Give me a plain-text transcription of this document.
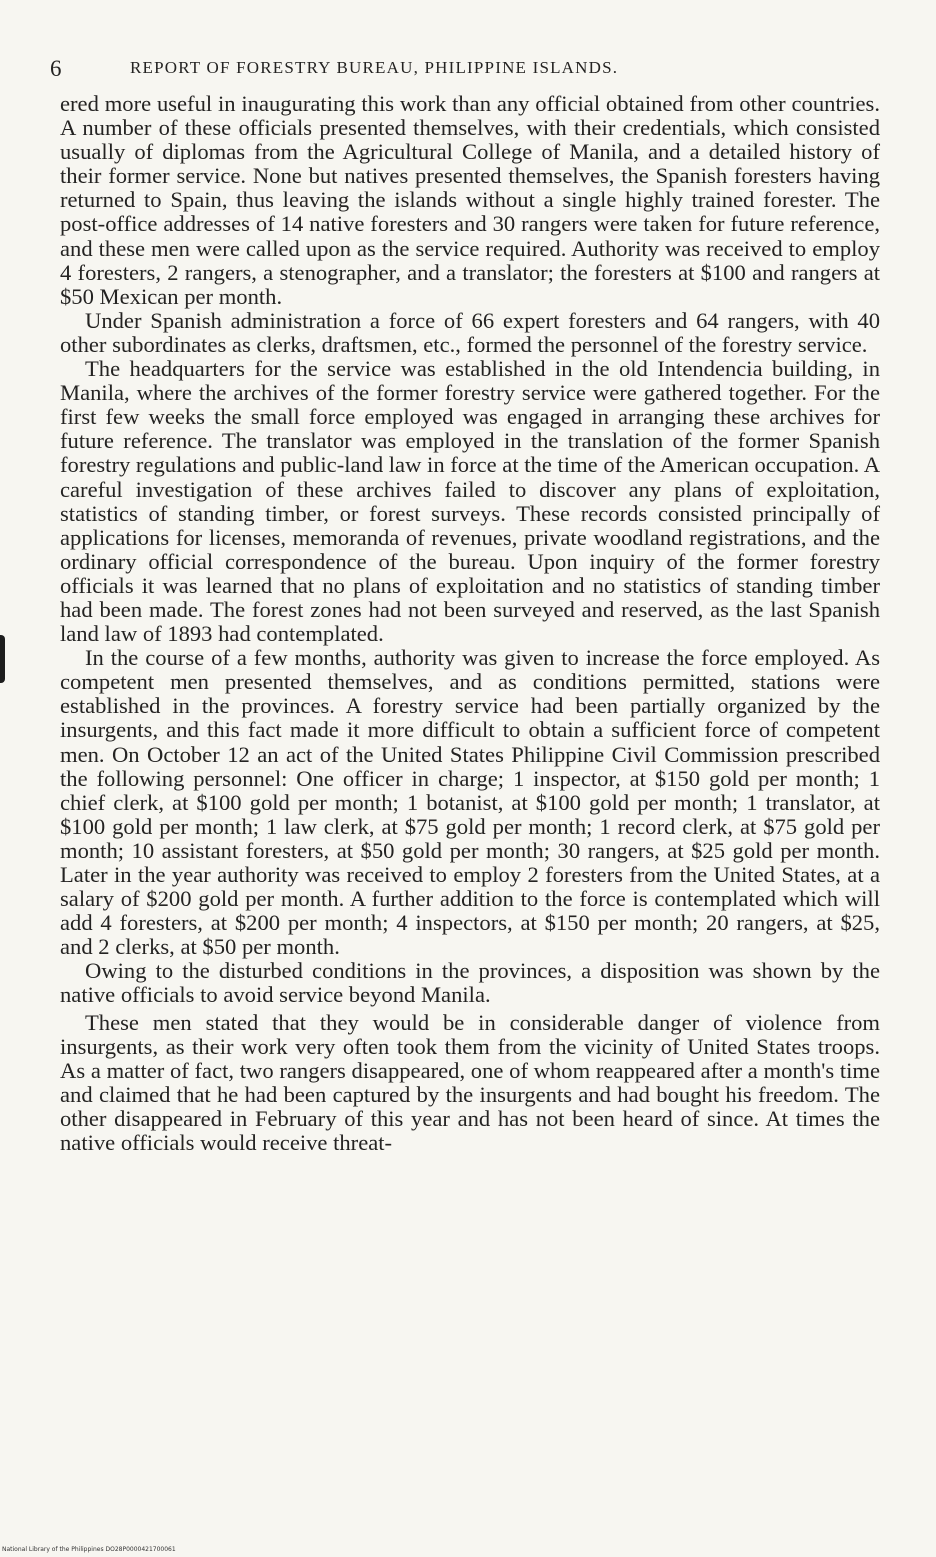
6	REPORT OF FORESTRY BUREAU, PHILIPPINE ISLANDS.

ered more useful in inaugurating this work than any official obtained from other countries. A number of these officials presented themselves, with their credentials, which consisted usually of diplomas from the Agricultural College of Manila, and a detailed history of their former service. None but natives presented themselves, the Spanish foresters having returned to Spain, thus leaving the islands without a single highly trained forester. The post-office addresses of 14 native foresters and 30 rangers were taken for future reference, and these men were called upon as the service required. Authority was received to employ 4 foresters, 2 rangers, a stenographer, and a translator; the foresters at $100 and rangers at $50 Mexican per month.

Under Spanish administration a force of 66 expert foresters and 64 rangers, with 40 other subordinates as clerks, draftsmen, etc., formed the personnel of the forestry service.

The headquarters for the service was established in the old Intendencia building, in Manila, where the archives of the former forestry service were gathered together. For the first few weeks the small force employed was engaged in arranging these archives for future reference. The translator was employed in the translation of the former Spanish forestry regulations and public-land law in force at the time of the American occupation. A careful investigation of these archives failed to discover any plans of exploitation, statistics of standing timber, or forest surveys. These records consisted principally of applications for licenses, memoranda of revenues, private woodland registrations, and the ordinary official correspondence of the bureau. Upon inquiry of the former forestry officials it was learned that no plans of exploitation and no statistics of standing timber had been made. The forest zones had not been surveyed and reserved, as the last Spanish land law of 1893 had contemplated.

In the course of a few months, authority was given to increase the force employed. As competent men presented themselves, and as conditions permitted, stations were established in the provinces. A forestry service had been partially organized by the insurgents, and this fact made it more difficult to obtain a sufficient force of competent men. On October 12 an act of the United States Philippine Civil Commission prescribed the following personnel: One officer in charge; 1 inspector, at $150 gold per month; 1 chief clerk, at $100 gold per month; 1 botanist, at $100 gold per month; 1 translator, at $100 gold per month; 1 law clerk, at $75 gold per month; 1 record clerk, at $75 gold per month; 10 assistant foresters, at $50 gold per month; 30 rangers, at $25 gold per month. Later in the year authority was received to employ 2 foresters from the United States, at a salary of $200 gold per month. A further addition to the force is contemplated which will add 4 foresters, at $200 per month; 4 inspectors, at $150 per month; 20 rangers, at $25, and 2 clerks, at $50 per month.

Owing to the disturbed conditions in the provinces, a disposition was shown by the native officials to avoid service beyond Manila.

These men stated that they would be in considerable danger of violence from insurgents, as their work very often took them from the vicinity of United States troops. As a matter of fact, two rangers disappeared, one of whom reappeared after a month's time and claimed that he had been captured by the insurgents and had bought his freedom. The other disappeared in February of this year and has not been heard of since. At times the native officials would receive threat-

National Library of the Philippines DO28P0000421700061
